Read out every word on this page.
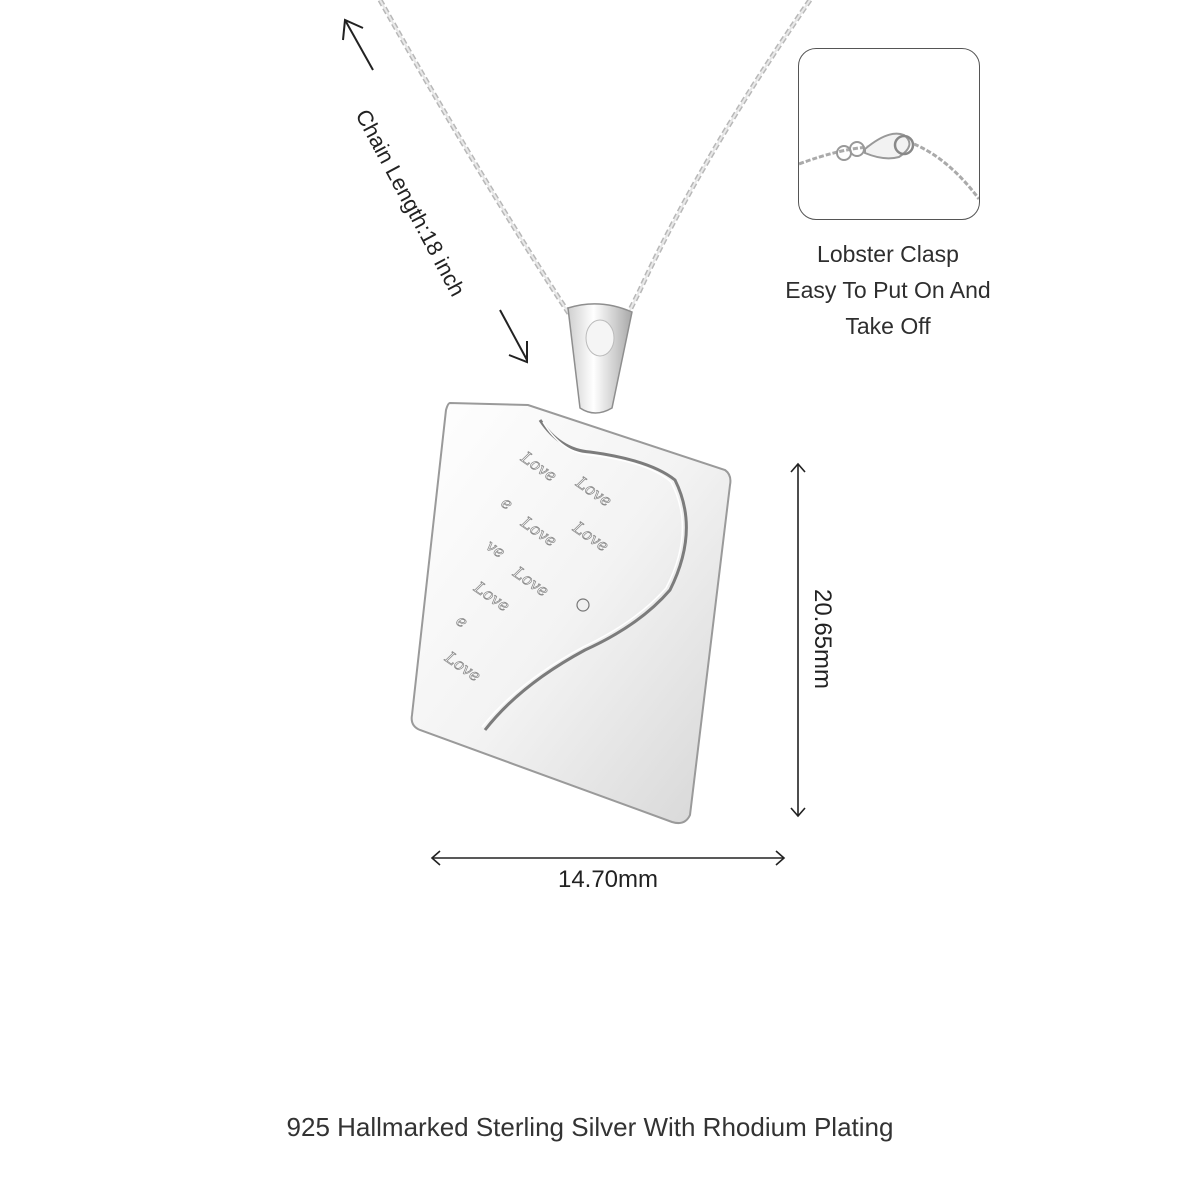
Chain Length:18 inch
Love
Love
e
Love Love
ve
Love
Love
e
Love
Lobster Clasp
Easy To Put On And
Take Off
20.65mm
14.70mm
925 Hallmarked Sterling Silver With Rhodium Plating
